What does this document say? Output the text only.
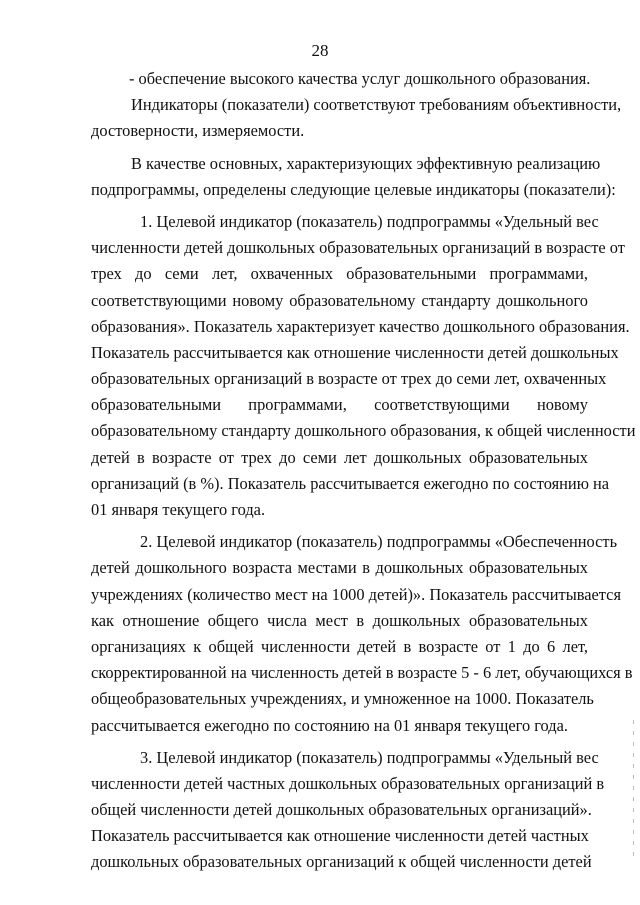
28
- обеспечение высокого качества услуг дошкольного образования.
Индикаторы (показатели) соответствуют требованиям объективности,
достоверности, измеряемости.
В качестве основных, характеризующих эффективную реализацию
подпрограммы, определены следующие целевые индикаторы (показатели):
1. Целевой индикатор (показатель) подпрограммы «Удельный вес
численности детей дошкольных образовательных организаций в возрасте от
трех до семи лет, охваченных образовательными программами,
соответствующими новому образовательному стандарту дошкольного
образования». Показатель характеризует качество дошкольного образования.
Показатель рассчитывается как отношение численности детей дошкольных
образовательных организаций в возрасте от трех до семи лет, охваченных
образовательными программами, соответствующими новому
образовательному стандарту дошкольного образования, к общей численности
детей в возрасте от трех до семи лет дошкольных образовательных
организаций (в %). Показатель рассчитывается ежегодно по состоянию на
01 января текущего года.
2. Целевой индикатор (показатель) подпрограммы «Обеспеченность
детей дошкольного возраста местами в дошкольных образовательных
учреждениях (количество мест на 1000 детей)». Показатель рассчитывается
как отношение общего числа мест в дошкольных образовательных
организациях к общей численности детей в возрасте от 1 до 6 лет,
скорректированной на численность детей в возрасте 5 - 6 лет, обучающихся в
общеобразовательных учреждениях, и умноженное на 1000. Показатель
рассчитывается ежегодно по состоянию на 01 января текущего года.
3. Целевой индикатор (показатель) подпрограммы «Удельный вес
численности детей частных дошкольных образовательных организаций в
общей численности детей дошкольных образовательных организаций».
Показатель рассчитывается как отношение численности детей частных
дошкольных образовательных организаций к общей численности детей
